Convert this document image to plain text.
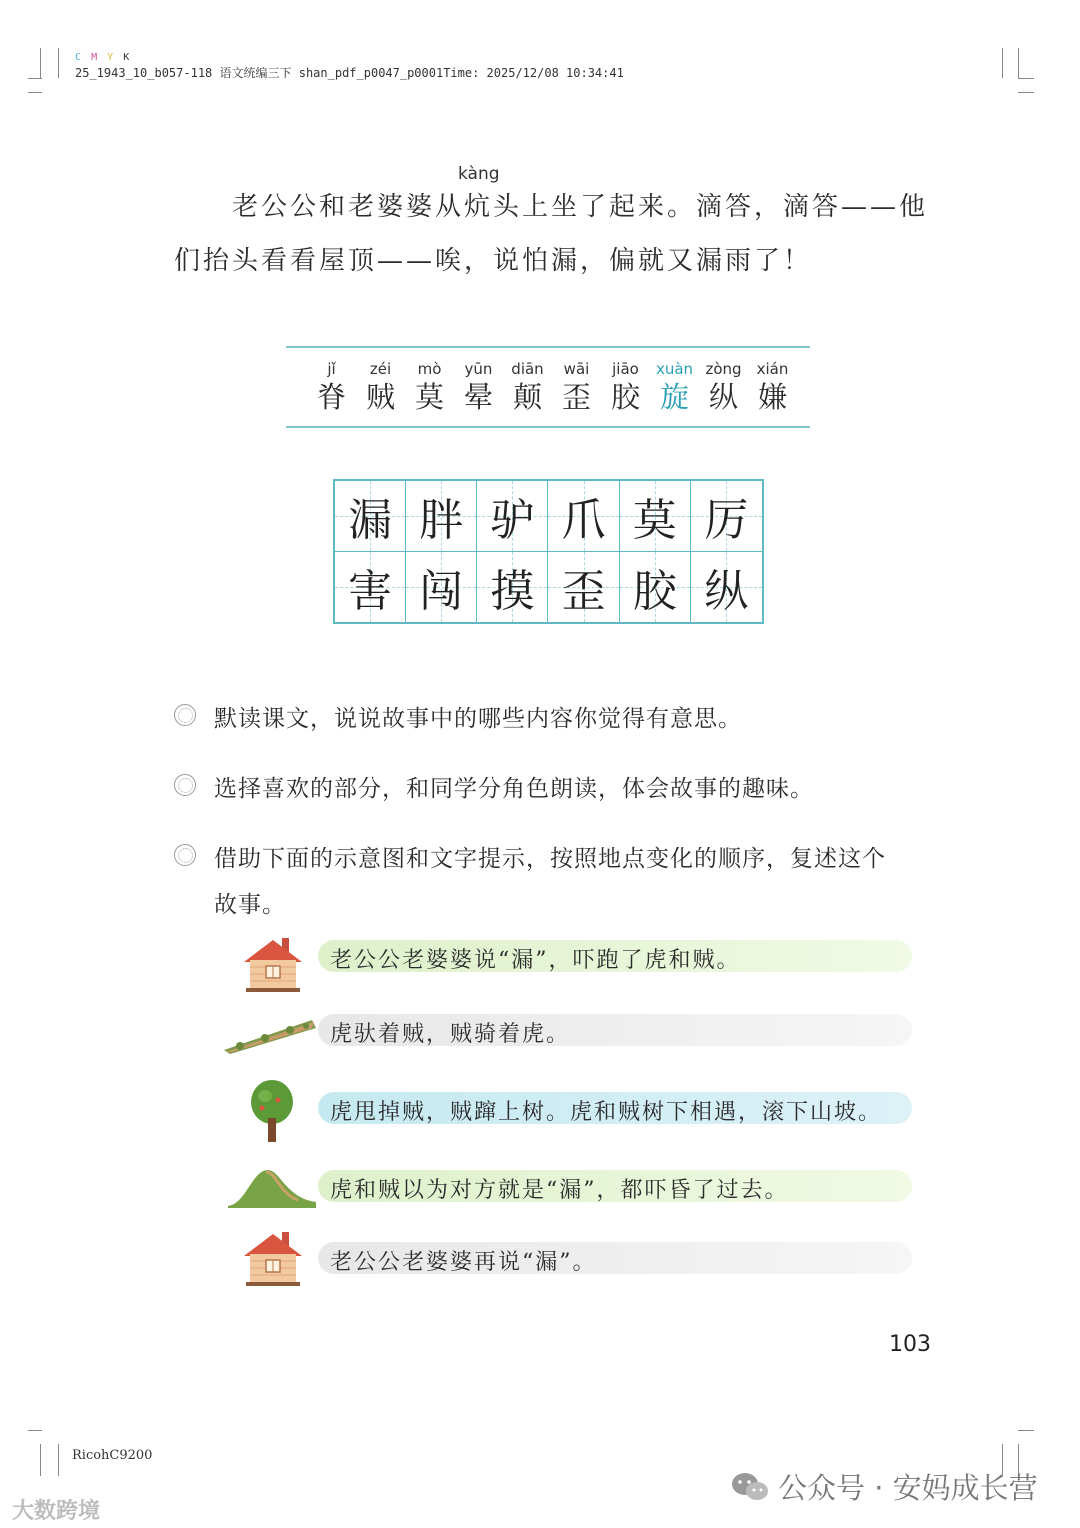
C M Y K
25_1943_10_b057-118 语文统编三下 shan_pdf_p0047_p0001Time: 2025/12/08 10:34:41
kàng
老公公和老婆婆从炕头上坐了起来。滴答，滴答——他
们抬头看看屋顶——唉，说怕漏，偏就又漏雨了！
jǐ
脊
zéi
贼
mò
莫
yūn
晕
diān
颠
wāi
歪
jiāo
胶
xuàn
旋
zòng
纵
xián
嫌
漏 胖 驴 爪 莫 厉
害 闯 摸 歪 胶 纵
默读课文，说说故事中的哪些内容你觉得有意思。
选择喜欢的部分，和同学分角色朗读，体会故事的趣味。
借助下面的示意图和文字提示，按照地点变化的顺序，复述这个
故事。
老公公老婆婆说“漏”，吓跑了虎和贼。
虎驮着贼，贼骑着虎。
虎甩掉贼，贼蹿上树。虎和贼树下相遇，滚下山坡。
虎和贼以为对方就是“漏”，都吓昏了过去。
老公公老婆婆再说“漏”。
103
RicohC9200
公众号 · 安妈成长营
大数跨境
